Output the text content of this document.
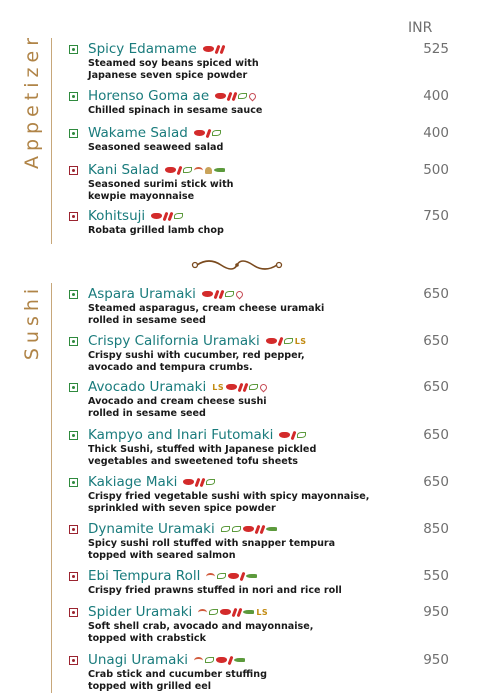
INR
Appetizer
Sushi
Spicy Edamame
Steamed soy beans spiced with
Japanese seven spice powder
525
Horenso Goma ae
Chilled spinach in sesame sauce
400
Wakame Salad
Seasoned seaweed salad
400
Kani Salad
Seasoned surimi stick with
kewpie mayonnaise
500
Kohitsuji
Robata grilled lamb chop
750
Aspara Uramaki
Steamed asparagus, cream cheese uramaki
rolled in sesame seed
650
Crispy California Uramaki	LS
Crispy sushi with cucumber, red pepper,
avocado and tempura crumbs.
650
Avocado Uramaki LS
Avocado and cream cheese sushi
rolled in sesame seed
650
Kampyo and Inari Futomaki
Thick Sushi, stuffed with Japanese pickled
vegetables and sweetened tofu sheets
650
Kakiage Maki
Crispy fried vegetable sushi with spicy mayonnaise,
sprinkled with seven spice powder
650
Dynamite Uramaki
Spicy sushi roll stuffed with snapper tempura
topped with seared salmon
850
Ebi Tempura Roll
Crispy fried prawns stuffed in nori and rice roll
550
Spider Uramaki	LS
Soft shell crab, avocado and mayonnaise,
topped with crabstick
950
Unagi Uramaki
Crab stick and cucumber stuffing
topped with grilled eel
950
